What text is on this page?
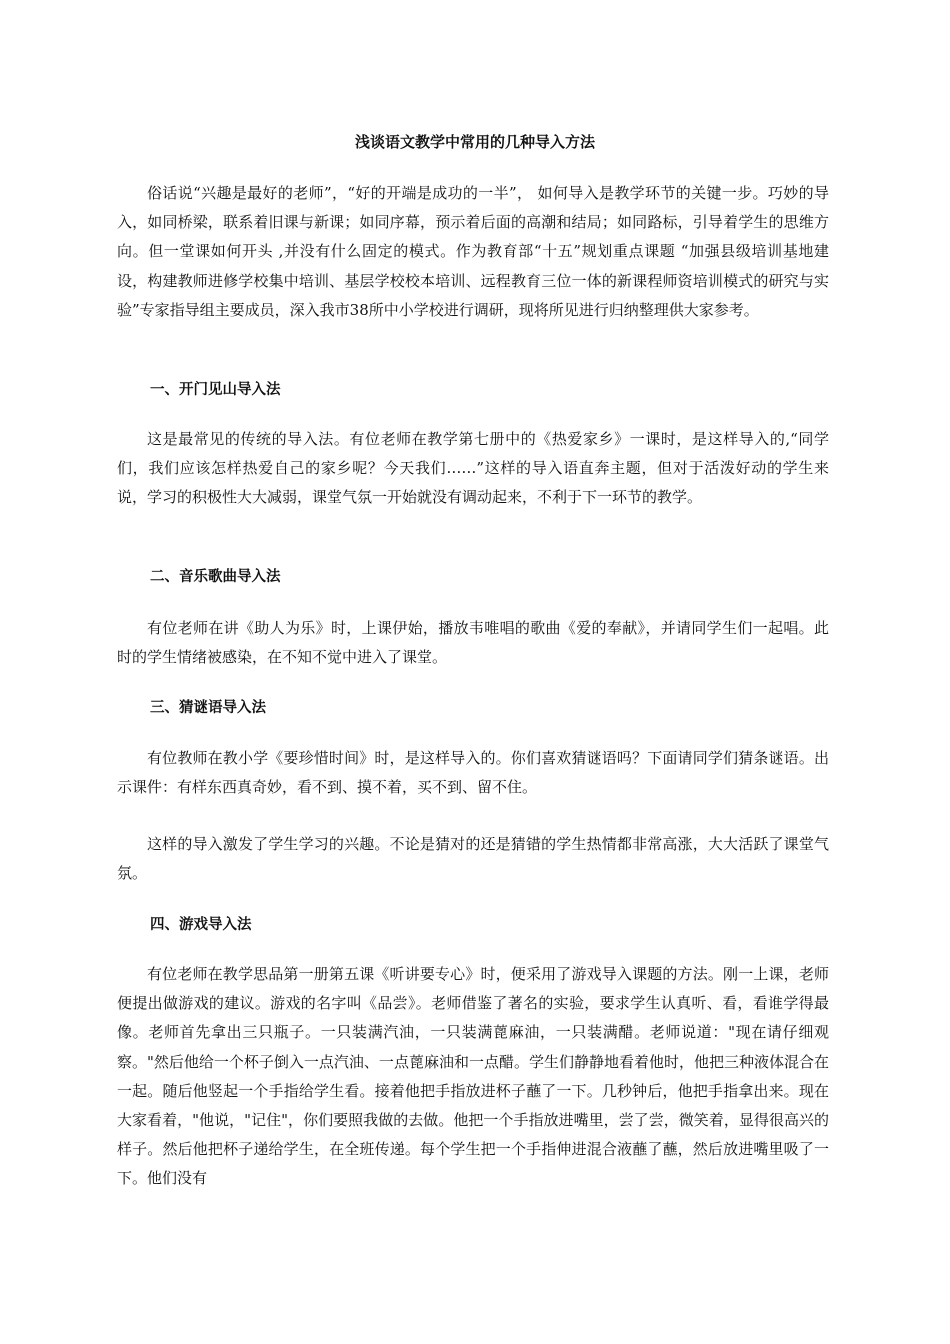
浅谈语文教学中常用的几种导入方法

俗话说“兴趣是最好的老师”，“好的开端是成功的一半”， 如何导入是教学环节的关键一步。巧妙的导入，如同桥梁，联系着旧课与新课；如同序幕，预示着后面的高潮和结局；如同路标，引导着学生的思维方向。但一堂课如何开头 ,并没有什么固定的模式。作为教育部“十五”规划重点课题 “加强县级培训基地建设，构建教师进修学校集中培训、基层学校校本培训、远程教育三位一体的新课程师资培训模式的研究与实验”专家指导组主要成员，深入我市38所中小学校进行调研，现将所见进行归纳整理供大家参考。

一、开门见山导入法

这是最常见的传统的导入法。有位老师在教学第七册中的《热爱家乡》一课时，是这样导入的,“同学们，我们应该怎样热爱自己的家乡呢？今天我们……”这样的导入语直奔主题，但对于活泼好动的学生来说，学习的积极性大大减弱，课堂气氛一开始就没有调动起来，不利于下一环节的教学。

二、音乐歌曲导入法

有位老师在讲《助人为乐》时，上课伊始，播放韦唯唱的歌曲《爱的奉献》，并请同学生们一起唱。此时的学生情绪被感染，在不知不觉中进入了课堂。

三、猜谜语导入法

有位教师在教小学《要珍惜时间》时，是这样导入的。你们喜欢猜谜语吗？下面请同学们猜条谜语。出示课件：有样东西真奇妙，看不到、摸不着，买不到、留不住。

这样的导入激发了学生学习的兴趣。不论是猜对的还是猜错的学生热情都非常高涨，大大活跃了课堂气氛。

四、游戏导入法

有位老师在教学思品第一册第五课《听讲要专心》时，便采用了游戏导入课题的方法。刚一上课，老师便提出做游戏的建议。游戏的名字叫《品尝》。老师借鉴了著名的实验，要求学生认真听、看，看谁学得最像。老师首先拿出三只瓶子。一只装满汽油，一只装满蓖麻油，一只装满醋。老师说道："现在请仔细观察。"然后他给一个杯子倒入一点汽油、一点蓖麻油和一点醋。学生们静静地看着他时，他把三种液体混合在一起。随后他竖起一个手指给学生看。接着他把手指放进杯子蘸了一下。几秒钟后，他把手指拿出来。现在大家看着，"他说，"记住"，你们要照我做的去做。他把一个手指放进嘴里，尝了尝，微笑着，显得很高兴的样子。然后他把杯子递给学生，在全班传递。每个学生把一个手指伸进混合液蘸了蘸，然后放进嘴里吸了一下。他们没有
